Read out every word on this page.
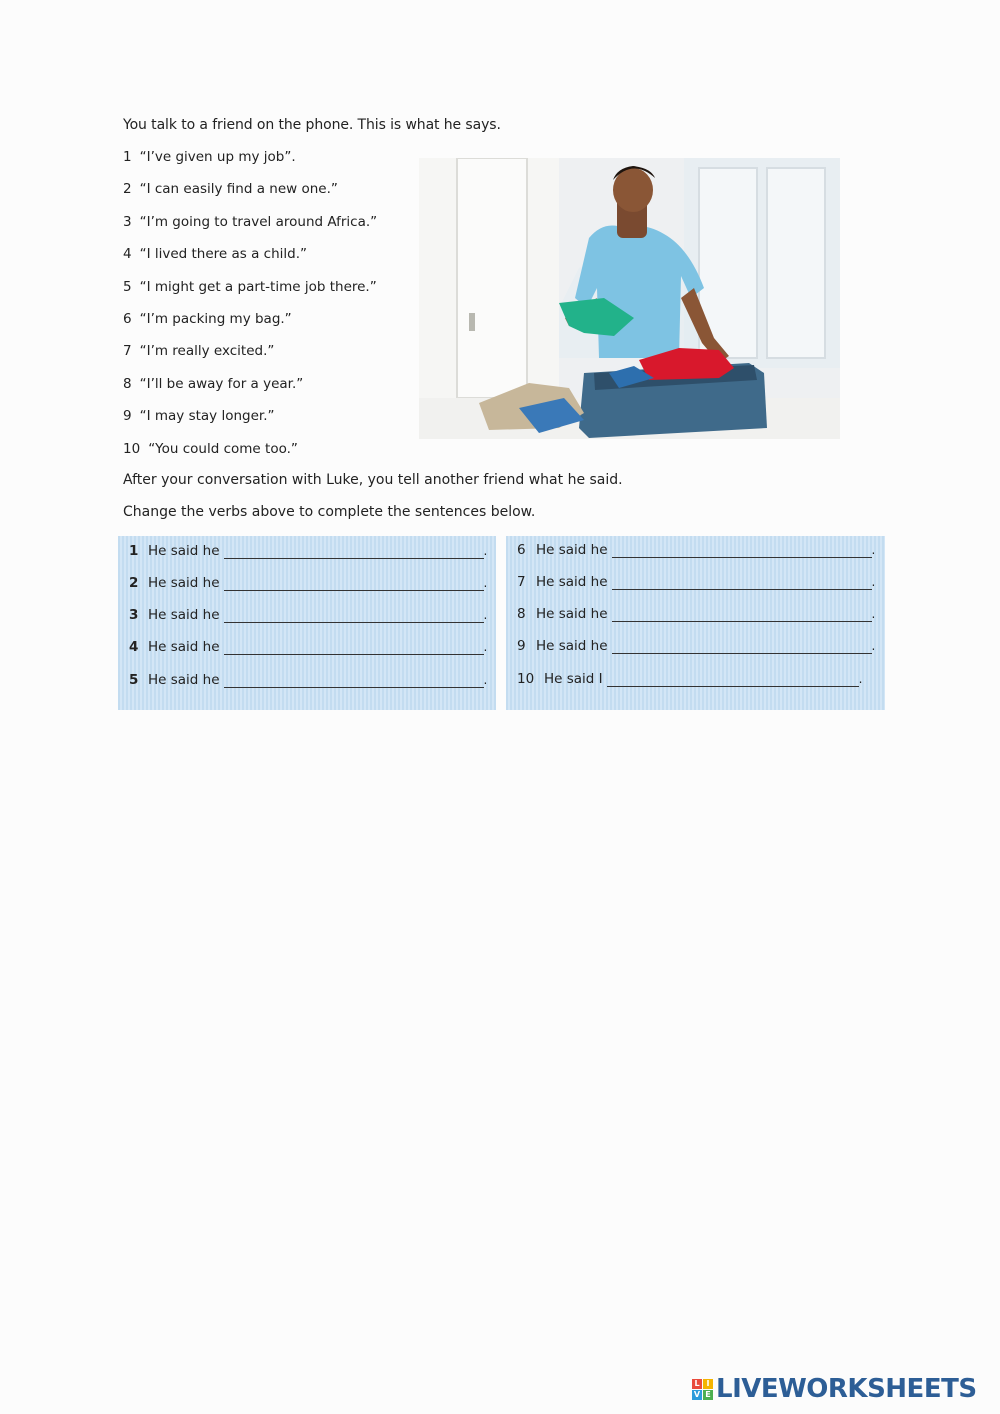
You talk to a friend on the phone. This is what he says.
1 “I’ve given up my job”.
2 “I can easily find a new one.”
3 “I’m going to travel around Africa.”
4 “I lived there as a child.”
5 “I might get a part-time job there.”
6 “I’m packing my bag.”
7 “I’m really excited.”
8 “I’ll be away for a year.”
9 “I may stay longer.”
10 “You could come too.”
After your conversation with Luke, you tell another friend what he said.
Change the verbs above to complete the sentences below.
1 He said he	.
2 He said he	.
3 He said he	.
4 He said he	.
5 He said he	.
6 He said he	.
7 He said he	.
8 He said he	.
9 He said he	.
10 He said I	.
L I
V E LIVEWORKSHEETS
